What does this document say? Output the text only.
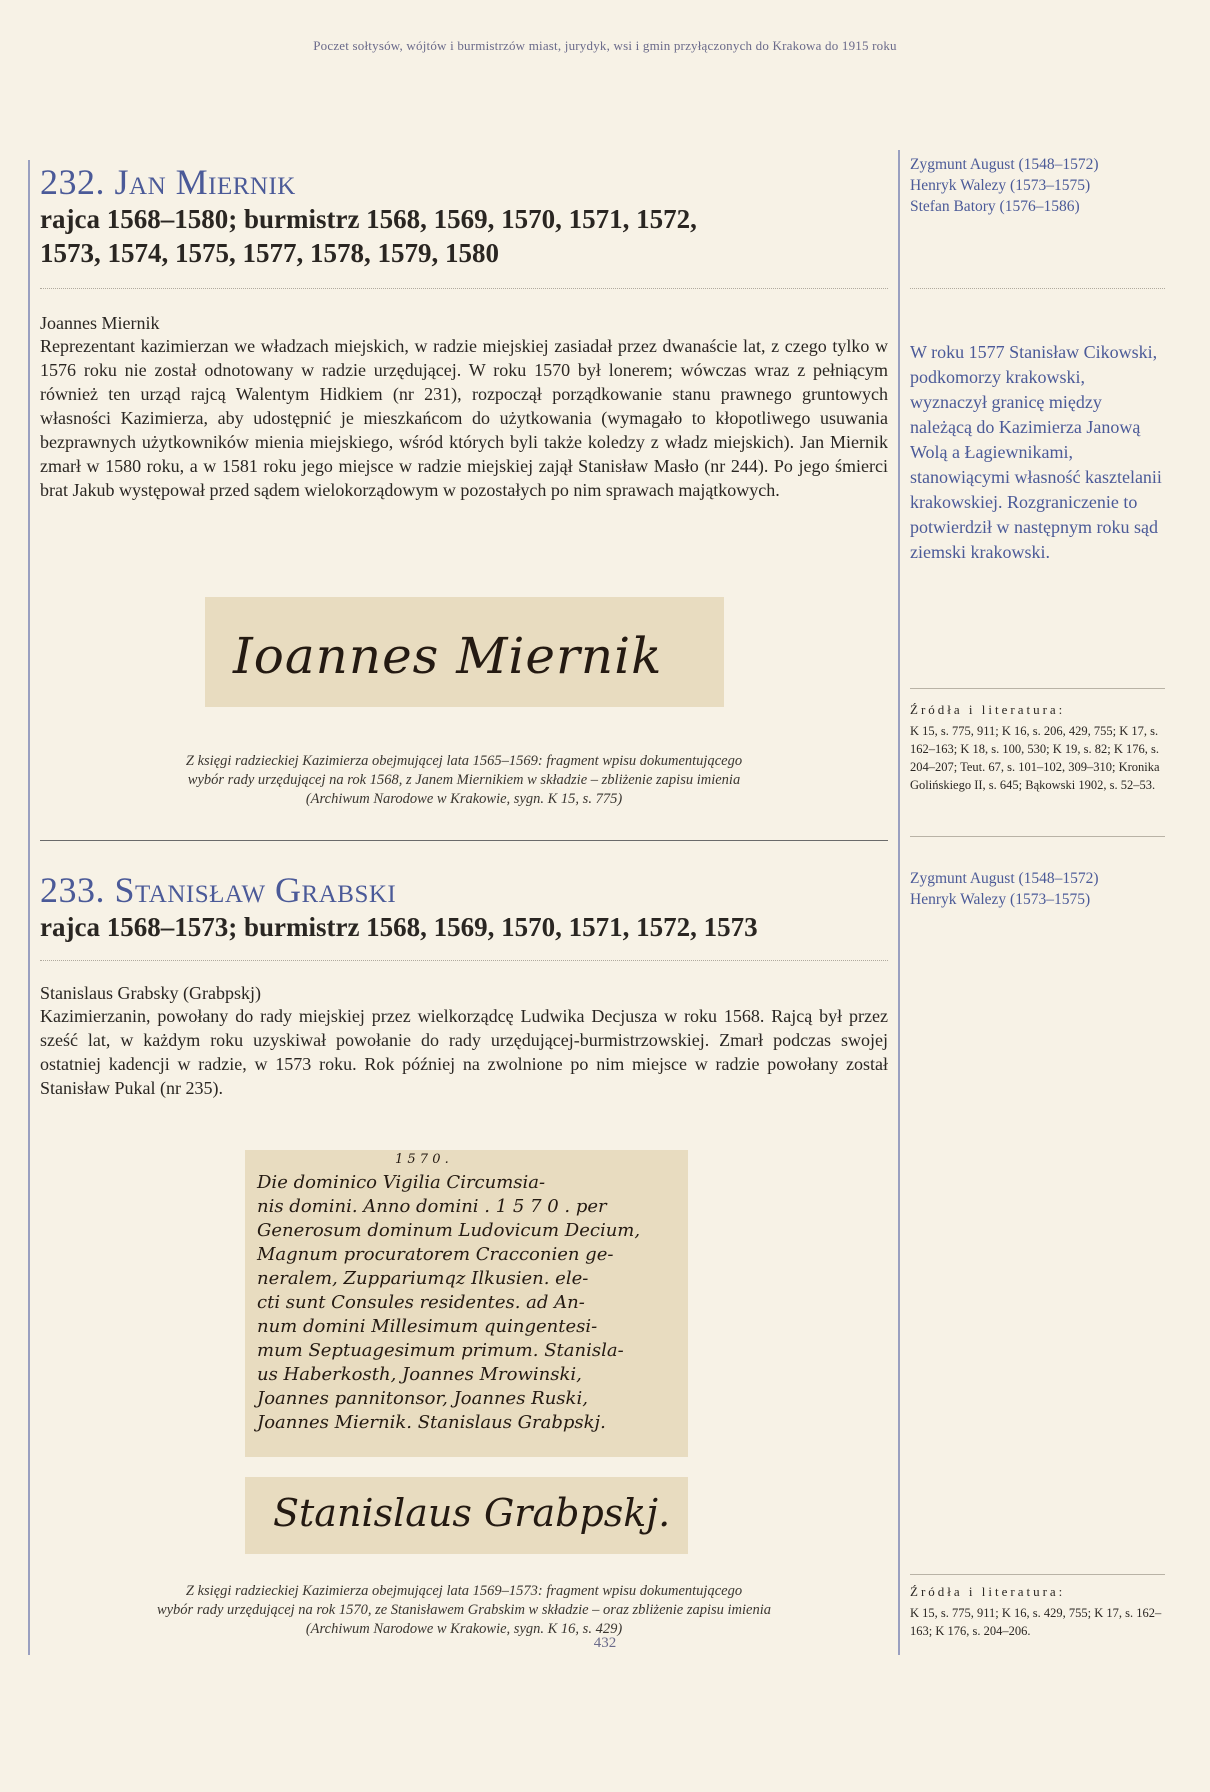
Poczet sołtysów, wójtów i burmistrzów miast, jurydyk, wsi i gmin przyłączonych do Krakowa do 1915 roku
232. Jan Miernik
rajca 1568–1580; burmistrz 1568, 1569, 1570, 1571, 1572,
1573, 1574, 1575, 1577, 1578, 1579, 1580
Joannes Miernik
Reprezentant kazimierzan we władzach miejskich, w radzie miejskiej zasiadał przez dwanaście lat, z czego tylko w 1576 roku nie został odnotowany w radzie urzędującej. W roku 1570 był lonerem; wówczas wraz z pełniącym również ten urząd rajcą Walentym Hidkiem (nr 231), rozpoczął porządkowanie stanu prawnego gruntowych własności Kazimierza, aby udostępnić je mieszkańcom do użytkowania (wymagało to kłopotliwego usuwania bezprawnych użytkowników mienia miejskiego, wśród których byli także koledzy z władz miejskich). Jan Miernik zmarł w 1580 roku, a w 1581 roku jego miejsce w radzie miejskiej zajął Stanisław Masło (nr 244). Po jego śmierci brat Jakub występował przed sądem wielokorządowym w pozostałych po nim sprawach majątkowych.
Ioannes Miernik
Z księgi radzieckiej Kazimierza obejmującej lata 1565–1569: fragment wpisu dokumentującego
wybór rady urzędującej na rok 1568, z Janem Miernikiem w składzie – zbliżenie zapisu imienia
(Archiwum Narodowe w Krakowie, sygn. K 15, s. 775)
233. Stanisław Grabski
rajca 1568–1573; burmistrz 1568, 1569, 1570, 1571, 1572, 1573
Stanislaus Grabsky (Grabpskj)
Kazimierzanin, powołany do rady miejskiej przez wielkorządcę Ludwika Decjusza w roku 1568. Rajcą był przez sześć lat, w każdym roku uzyskiwał powołanie do rady urzędującej-burmistrzowskiej. Zmarł podczas swojej ostatniej kadencji w radzie, w 1573 roku. Rok później na zwolnione po nim miejsce w radzie powołany został Stanisław Pukal (nr 235).
1 5 7 0 .
Die dominico Vigilia Circumsia-
nis domini. Anno domini . 1 5 7 0 . per
Generosum dominum Ludovicum Decium,
Magnum procuratorem Cracconien ge-
neralem, Zuppariumqz Ilkusien. ele-
cti sunt Consules residentes. ad An-
num domini Millesimum quingentesi-
mum Septuagesimum primum. Stanisla-
us Haberkosth, Joannes Mrowinski,
Joannes pannitonsor, Joannes Ruski,
Joannes Miernik. Stanislaus Grabpskj.
Stanislaus Grabpskj.
Z księgi radzieckiej Kazimierza obejmującej lata 1569–1573: fragment wpisu dokumentującego
wybór rady urzędującej na rok 1570, ze Stanisławem Grabskim w składzie – oraz zbliżenie zapisu imienia
(Archiwum Narodowe w Krakowie, sygn. K 16, s. 429)
Zygmunt August (1548–1572)
Henryk Walezy (1573–1575)
Stefan Batory (1576–1586)
W roku 1577 Stanisław Cikowski, podkomorzy krakowski, wyznaczył granicę między należącą do Kazimierza Janową Wolą a Łagiewnikami, stanowiącymi własność kasztelanii krakowskiej. Rozgraniczenie to potwierdził w następnym roku sąd ziemski krakowski.
Źródła i literatura:
K 15, s. 775, 911; K 16, s. 206, 429, 755; K 17, s. 162–163; K 18, s. 100, 530; K 19, s. 82; K 176, s. 204–207; Teut. 67, s. 101–102, 309–310; Kronika Golińskiego II, s. 645; Bąkowski 1902, s. 52–53.
Zygmunt August (1548–1572)
Henryk Walezy (1573–1575)
Źródła i literatura:
K 15, s. 775, 911; K 16, s. 429, 755; K 17, s. 162–163; K 176, s. 204–206.
432
